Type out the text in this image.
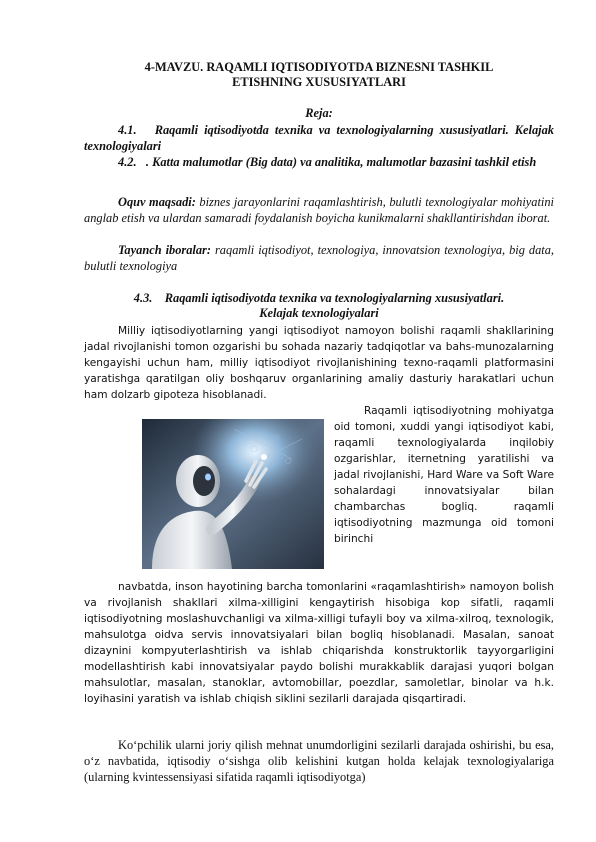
4-MAVZU. RAQAMLI IQTISODIYOTDA BIZNESNI TASHKIL
ETISHNING XUSUSIYATLARI
Reja:

4.1. Raqamli iqtisodiyotda texnika va texnologiyalarning xususiyatlari. Kelajak texnologiyalari

4.2. . Katta malumotlar (Big data) va analitika, malumotlar bazasini tashkil etish

Oquv maqsadi: biznes jarayonlarini raqamlashtirish, bulutli texnologiyalar mohiyatini anglab etish va ulardan samaradi foydalanish boyicha kunikmalarni shakllantirishdan iborat.

Tayanch iboralar: raqamli iqtisodiyot, texnologiya, innovatsion texnologiya, big data, bulutli texnologiya

4.3. Raqamli iqtisodiyotda texnika va texnologiyalarning xususiyatlari.
Kelajak texnologiyalari

Milliy iqtisodiyotlarning yangi iqtisodiyot namoyon bolishi raqamli shakllarining jadal rivojlanishi tomon ozgarishi bu sohada nazariy tadqiqotlar va bahs-munozalarning kengayishi uchun ham, milliy iqtisodiyot rivojlanishining texno-raqamli platformasini yaratishga qaratilgan oliy boshqaruv organlarining amaliy dasturiy harakatlari uchun ham dolzarb gipoteza hisoblanadi.

Raqamli iqtisodiyotning mohiyatga oid tomoni, xuddi yangi iqtisodiyot kabi, raqamli texnologiyalarda inqilobiy ozgarishlar, iternetning yaratilishi va jadal rivojlanishi, Hard Ware va Soft Ware sohalardagi innovatsiyalar bilan chambarchas bogliq. raqamli iqtisodiyotning mazmunga oid tomoni birinchi

navbatda, inson hayotining barcha tomonlarini «raqamlashtirish» namoyon bolish va rivojlanish shakllari xilma-xilligini kengaytirish hisobiga kop sifatli, raqamli iqtisodiyotning moslashuvchanligi va xilma-xilligi tufayli boy va xilma-xilroq, texnologik, mahsulotga oidva servis innovatsiyalari bilan bogliq hisoblanadi. Masalan, sanoat dizaynini kompyuterlashtirish va ishlab chiqarishda konstruktorlik tayyorgarligini modellashtirish kabi innovatsiyalar paydo bolishi murakkablik darajasi yuqori bolgan mahsulotlar, masalan, stanoklar, avtomobillar, poezdlar, samoletlar, binolar va h.k. loyihasini yaratish va ishlab chiqish siklini sezilarli darajada qisqartiradi.

Ko‘pchilik ularni joriy qilish mehnat unumdorligini sezilarli darajada oshirishi, bu esa, o‘z navbatida, iqtisodiy o‘sishga olib kelishini kutgan holda kelajak texnologiyalariga (ularning kvintessensiyasi sifatida raqamli iqtisodiyotga)
